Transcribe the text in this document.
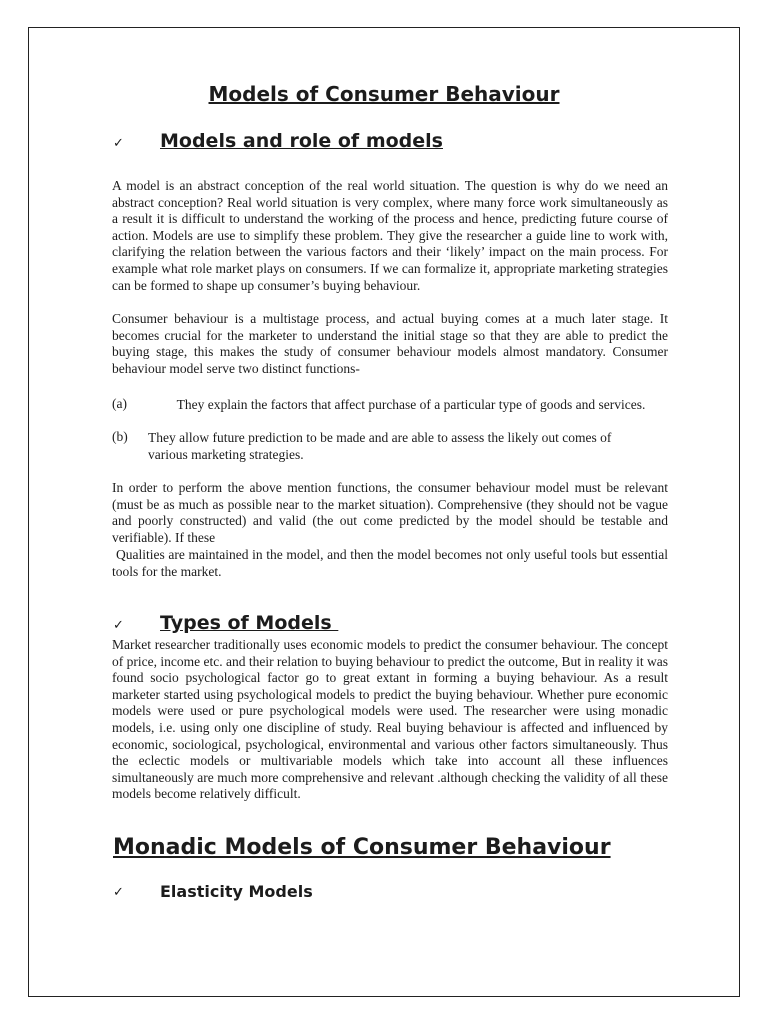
Models of Consumer Behaviour
✓ Models and role of models

A model is an abstract conception of the real world situation. The question is why do we need an abstract conception? Real world situation is very complex, where many force work simultaneously as a result it is difficult to understand the working of the process and hence, predicting future course of action. Models are use to simplify these problem. They give the researcher a guide line to work with, clarifying the relation between the various factors and their ‘likely’ impact on the main process. For example what role market plays on consumers. If we can formalize it, appropriate marketing strategies can be formed to shape up consumer’s buying behaviour.

Consumer behaviour is a multistage process, and actual buying comes at a much later stage. It becomes crucial for the marketer to understand the initial stage so that they are able to predict the buying stage, this makes the study of consumer behaviour models almost mandatory. Consumer behaviour model serve two distinct functions-

(a)	They explain the factors that affect purchase of a particular type of goods and services.

(b) They allow future prediction to be made and are able to assess the likely out comes of various marketing strategies.

In order to perform the above mention functions, the consumer behaviour model must be relevant (must be as much as possible near to the market situation). Comprehensive (they should not be vague and poorly constructed) and valid (the out come predicted by the model should be testable and verifiable). If these

Qualities are maintained in the model, and then the model becomes not only useful tools but essential tools for the market.

✓ Types of Models

Market researcher traditionally uses economic models to predict the consumer behaviour. The concept of price, income etc. and their relation to buying behaviour to predict the outcome, But in reality it was found socio psychological factor go to great extant in forming a buying behaviour. As a result marketer started using psychological models to predict the buying behaviour. Whether pure economic models were used or pure psychological models were used. The researcher were using monadic models, i.e. using only one discipline of study. Real buying behaviour is affected and influenced by economic, sociological, psychological, environmental and various other factors simultaneously. Thus the eclectic models or multivariable models which take into account all these influences simultaneously are much more comprehensive and relevant .although checking the validity of all these models become relatively difficult.

Monadic Models of Consumer Behaviour
✓ Elasticity Models
